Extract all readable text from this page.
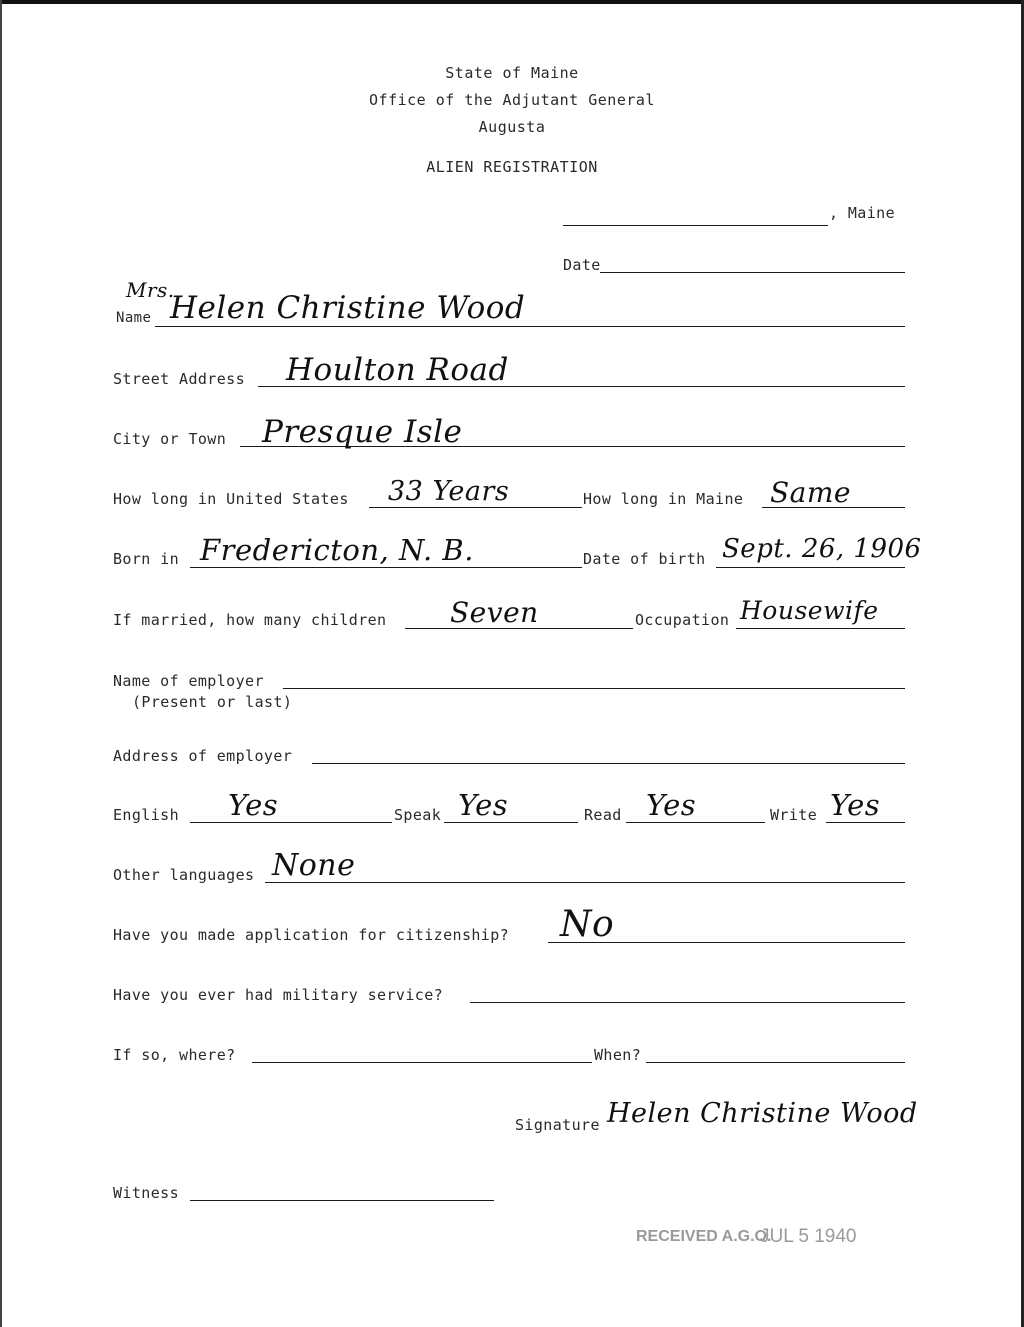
State of Maine
Office of the Adjutant General
Augusta
ALIEN REGISTRATION
, Maine
Date
Name
Mrs.
Helen Christine Wood
Street Address Houlton Road
City or Town Presque Isle
How long in United States 33 Years	How long in Maine Same
Born in Fredericton, N. B.	Date of birth Sept. 26, 1906
If married, how many children Seven	Occupation Housewife
Name of employer
(Present or last)
Address of employer
English Yes	Speak Yes	Read Yes	Write Yes
Other languages None
Have you made application for citizenship? No
Have you ever had military service?
If so, where?	When?
Signature Helen Christine Wood
Witness
RECEIVED A.G.O.
JUL 5 1940
